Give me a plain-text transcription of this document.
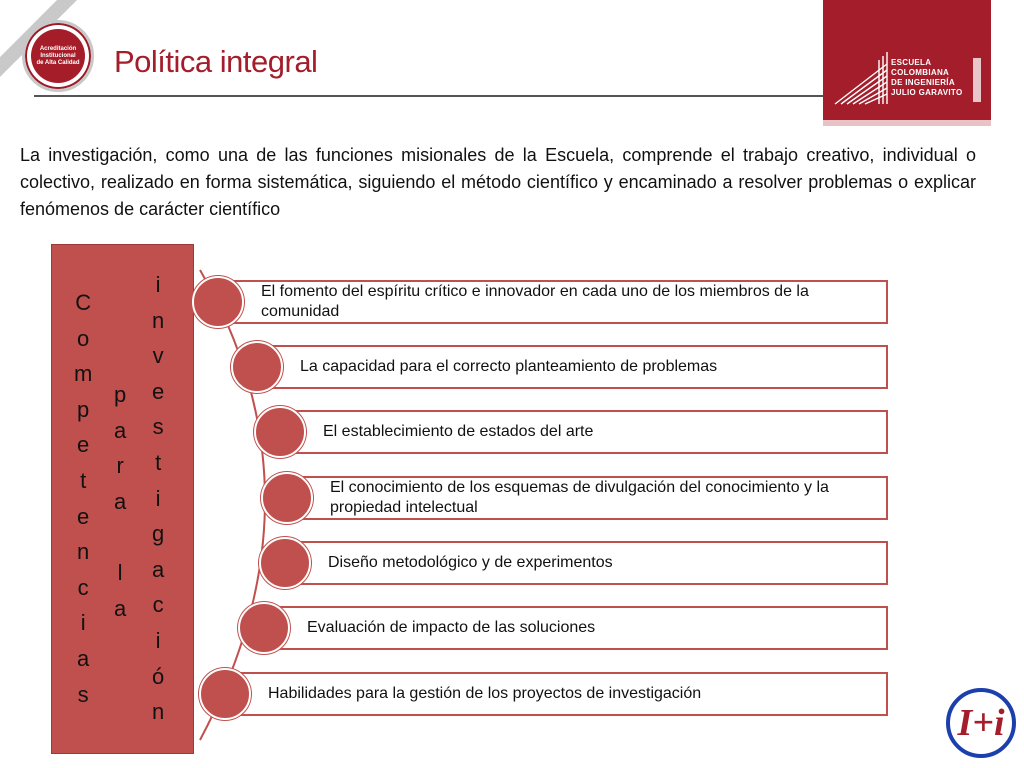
Acreditación
Institucional
de Alta Calidad Política integral	ESCUELA
COLOMBIANA
DE INGENIERÍA
JULIO GARAVITO
La investigación, como una de las funciones misionales de la Escuela, comprende el trabajo creativo, individual o colectivo, realizado en forma sistemática, siguiendo el método científico y encaminado a resolver problemas o explicar fenómenos de carácter científico
C
o
m
p
e
t
e
n
c
i
a
s
p
a
r
a

l
a
i
n
v
e
s
t
i
g
a
c
i
ó
n
El fomento del espíritu crítico e innovador en cada uno de los miembros de la comunidad
La capacidad para el correcto planteamiento de problemas
El establecimiento de estados del arte
El conocimiento de los esquemas de divulgación del conocimiento y la propiedad intelectual
Diseño metodológico y de experimentos
Evaluación de impacto de las soluciones
Habilidades para la gestión de los proyectos de investigación
I+i
